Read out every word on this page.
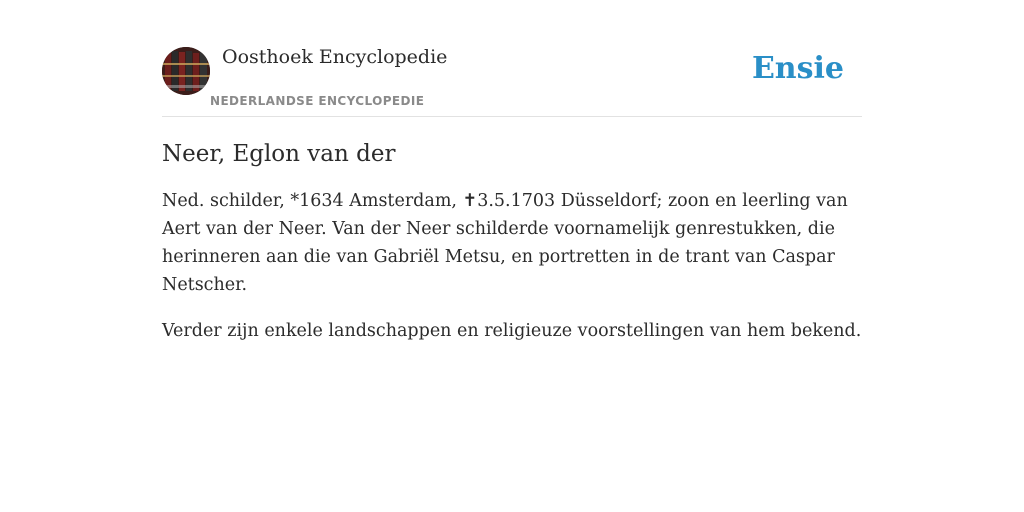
Oosthoek Encyclopedie
NEDERLANDSE ENCYCLOPEDIE
Ensie
Neer, Eglon van der

Ned. schilder, *1634 Amsterdam, ✝3.5.1703 Düsseldorf; zoon en leerling van Aert van der Neer. Van der Neer schilderde voornamelijk genrestukken, die herinneren aan die van Gabriël Metsu, en portretten in de trant van Caspar Netscher.

Verder zijn enkele landschappen en religieuze voorstellingen van hem bekend.
